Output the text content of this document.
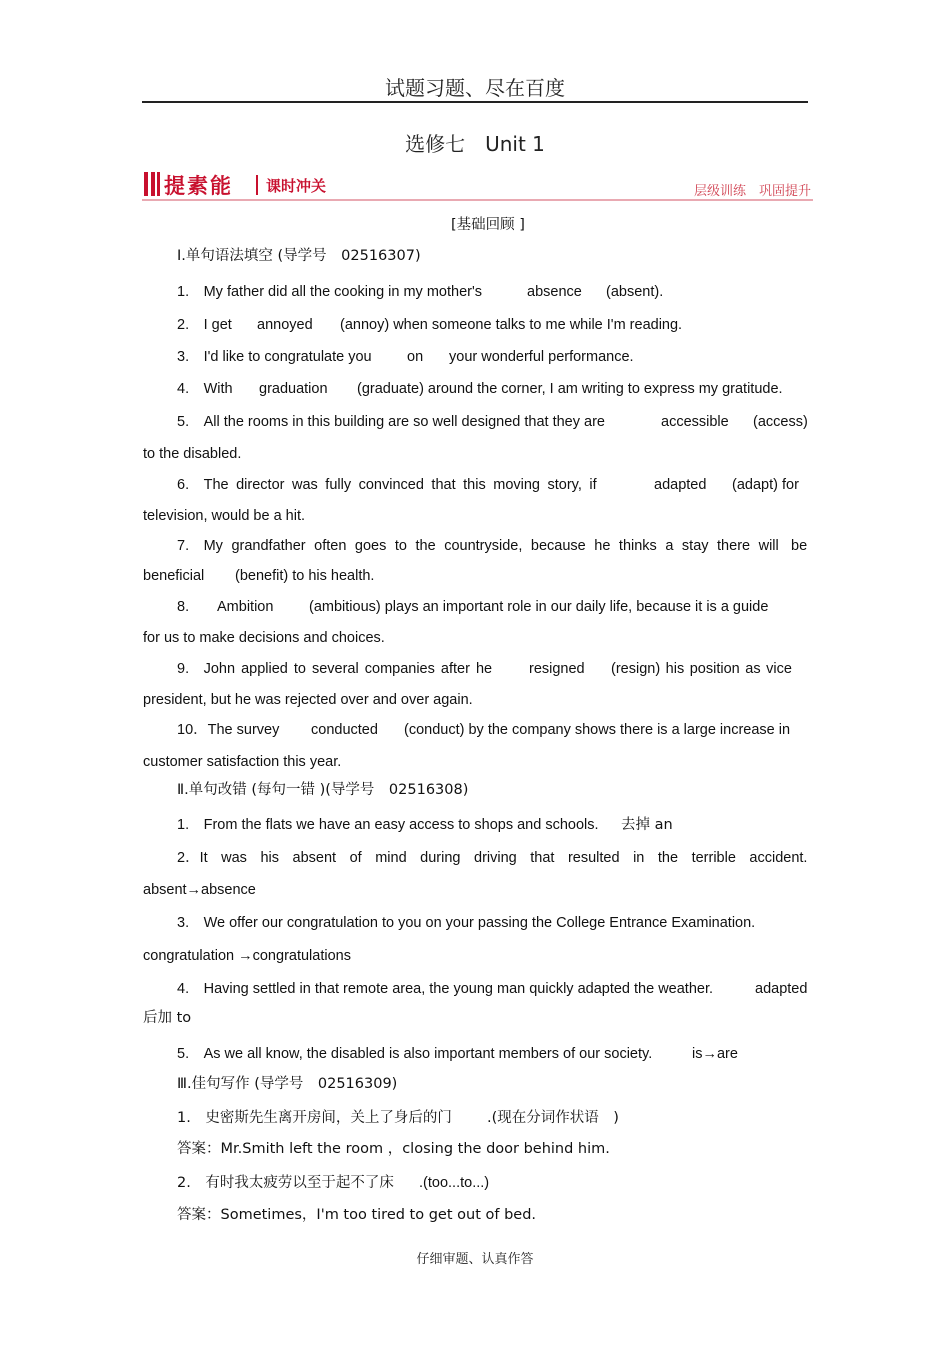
试题习题、尽在百度
选修七　Unit 1
提素能 课时冲关	层级训练　巩固提升
[基础回顾 ]
Ⅰ.单句语法填空 (导学号　02516307)
1.　My father did all the cooking in my mother's	absence (absent).
2.　I get annoyed (annoy) when someone talks to me while I'm reading.
3.　I'd like to congratulate you on your wonderful performance.
4.　With graduation (graduate) around the corner, I am writing to express my gratitude.
5.　All the rooms in this building are so well designed that they are	accessible (access)
to the disabled.
6.　The director was fully convinced that this moving story, if	adapted (adapt) for
television, would be a hit.
7.　My grandfather often goes to the countryside, because he thinks a stay there will be
beneficial (benefit) to his health.
8. Ambition (ambitious) plays an important role in our daily life, because it is a guide
for us to make decisions and choices.
9.　John applied to several companies after he	resigned (resign) his position as vice
president, but he was rejected over and over again.
10．The survey conducted (conduct) by the company shows there is a large increase in
customer satisfaction this year.
Ⅱ.单句改错 (每句一错 )(导学号　02516308)
1.　From the flats we have an easy access to shops and schools. 去掉 an
2．It was his absent of mind during driving that resulted in the terrible accident.
absent→absence
3.　We offer our congratulation to you on your passing the College Entrance Examination.
congratulation →congratulations
4.　Having settled in that remote area, the young man quickly adapted the weather.	adapted
后加 to
5.　As we all know, the disabled is also important members of our society.	is→are
Ⅲ.佳句写作 (导学号　02516309)
1.　史密斯先生离开房间，关上了身后的门 .(现在分词作状语　)
答案：Mr.Smith left the room ，closing the door behind him.
2.　有时我太疲劳以至于起不了床 .(too...to...)
答案：Sometimes，I'm too tired to get out of bed.
仔细审题、认真作答
